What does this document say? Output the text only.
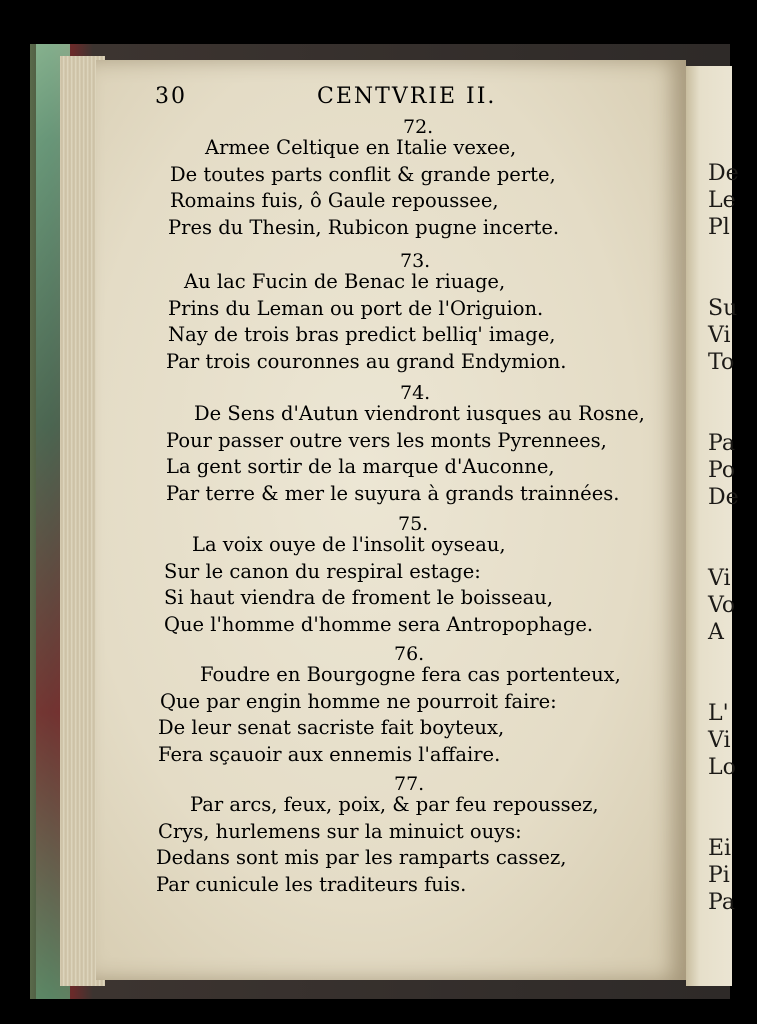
De
Le
Pl
Su
Vi
To
Pa
Po
De
Vi
Vo
A
L'
Vi
Lo
Ei
Pi
Pa
30	CENTVRIE II.
72.
Armee Celtique en Italie vexee,
De toutes parts conflit & grande perte,
Romains fuis, ô Gaule repoussee,
Pres du Thesin, Rubicon pugne incerte.
73.
Au lac Fucin de Benac le riuage,
Prins du Leman ou port de l'Origuion.
Nay de trois bras predict belliq' image,
Par trois couronnes au grand Endymion.
74.
De Sens d'Autun viendront iusques au Rosne,
Pour passer outre vers les monts Pyrennees,
La gent sortir de la marque d'Auconne,
Par terre & mer le suyura à grands trainnées.
75.
La voix ouye de l'insolit oyseau,
Sur le canon du respiral estage:
Si haut viendra de froment le boisseau,
Que l'homme d'homme sera Antropophage.
76.
Foudre en Bourgogne fera cas portenteux,
Que par engin homme ne pourroit faire:
De leur senat sacriste fait boyteux,
Fera sçauoir aux ennemis l'affaire.
77.
Par arcs, feux, poix, & par feu repoussez,
Crys, hurlemens sur la minuict ouys:
Dedans sont mis par les ramparts cassez,
Par cunicule les traditeurs fuis.
